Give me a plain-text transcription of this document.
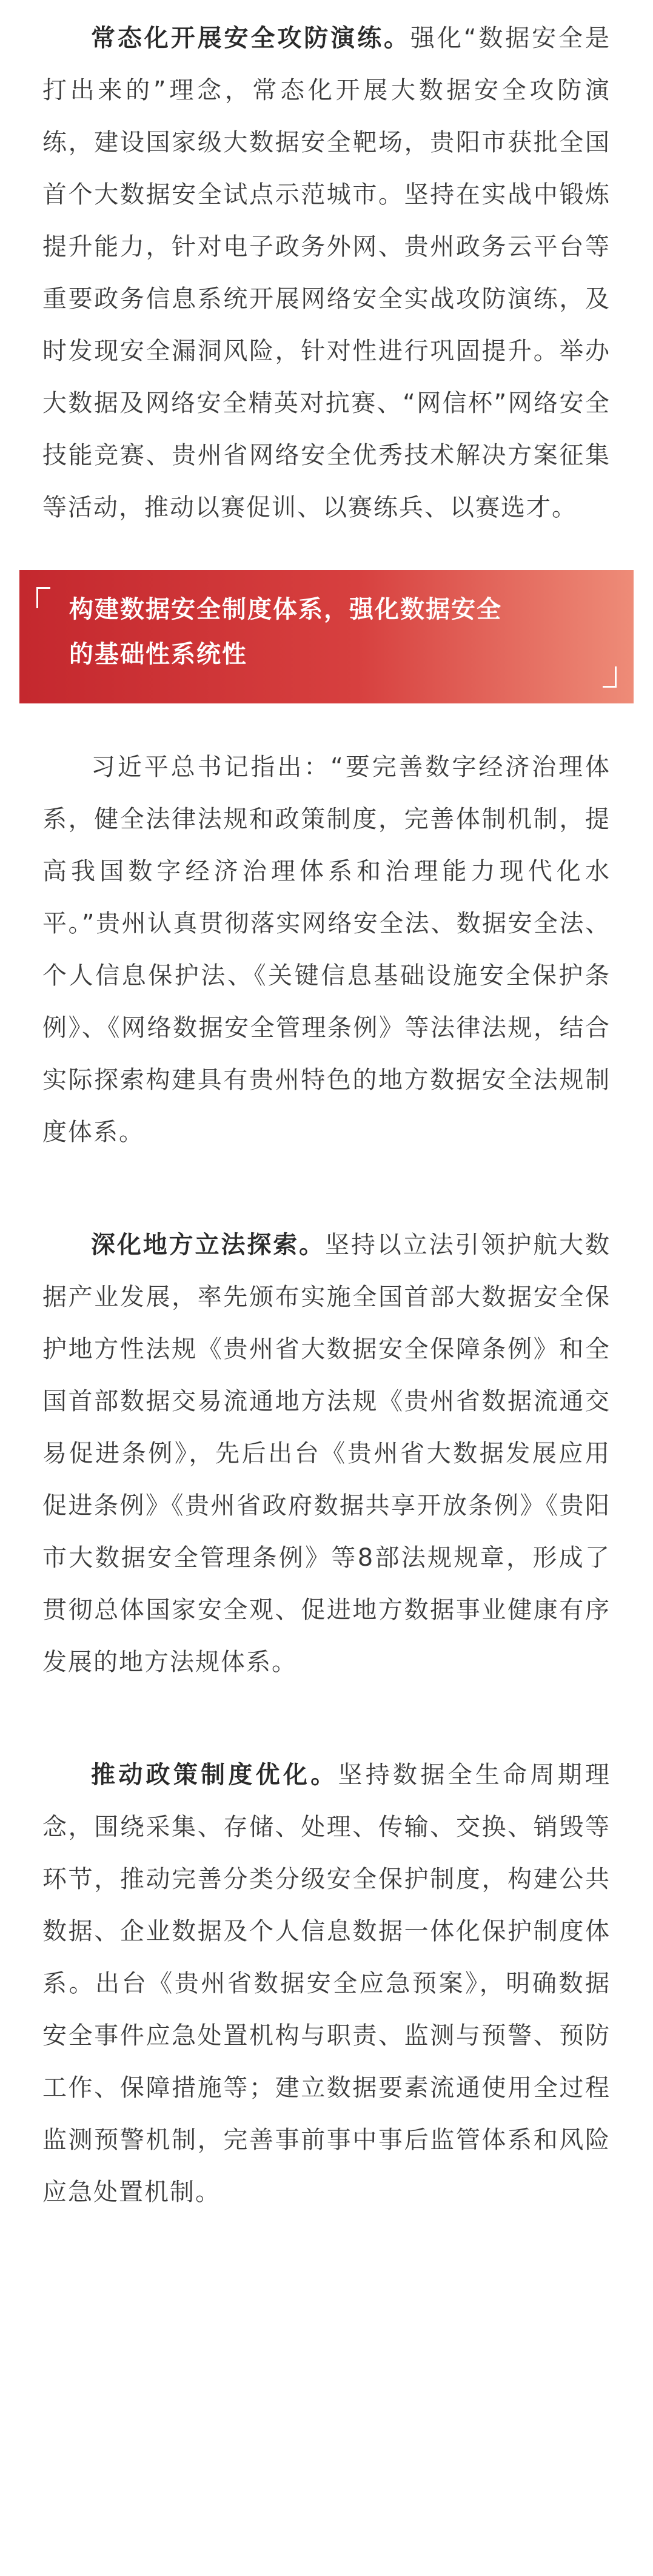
常态化开展安全攻防演练。强化“数据安全是打出来的”理念，常态化开展大数据安全攻防演练，建设国家级大数据安全靶场，贵阳市获批全国首个大数据安全试点示范城市。坚持在实战中锻炼提升能力，针对电子政务外网、贵州政务云平台等重要政务信息系统开展网络安全实战攻防演练，及时发现安全漏洞风险，针对性进行巩固提升。举办大数据及网络安全精英对抗赛、“网信杯”网络安全技能竞赛、贵州省网络安全优秀技术解决方案征集等活动，推动以赛促训、以赛练兵、以赛选才。

构建数据安全制度体系，强化数据安全

的基础性系统性

习近平总书记指出：“要完善数字经济治理体系，健全法律法规和政策制度，完善体制机制，提高我国数字经济治理体系和治理能力现代化水平。”贵州认真贯彻落实网络安全法、数据安全法、个人信息保护法、《关键信息基础设施安全保护条例》、《网络数据安全管理条例》等法律法规，结合实际探索构建具有贵州特色的地方数据安全法规制度体系。

深化地方立法探索。坚持以立法引领护航大数据产业发展，率先颁布实施全国首部大数据安全保护地方性法规《贵州省大数据安全保障条例》和全国首部数据交易流通地方法规《贵州省数据流通交易促进条例》，先后出台《贵州省大数据发展应用促进条例》《贵州省政府数据共享开放条例》《贵阳市大数据安全管理条例》等8部法规规章，形成了贯彻总体国家安全观、促进地方数据事业健康有序发展的地方法规体系。

推动政策制度优化。坚持数据全生命周期理念，围绕采集、存储、处理、传输、交换、销毁等环节，推动完善分类分级安全保护制度，构建公共数据、企业数据及个人信息数据一体化保护制度体系。出台《贵州省数据安全应急预案》，明确数据安全事件应急处置机构与职责、监测与预警、预防工作、保障措施等；建立数据要素流通使用全过程监测预警机制，完善事前事中事后监管体系和风险应急处置机制。
